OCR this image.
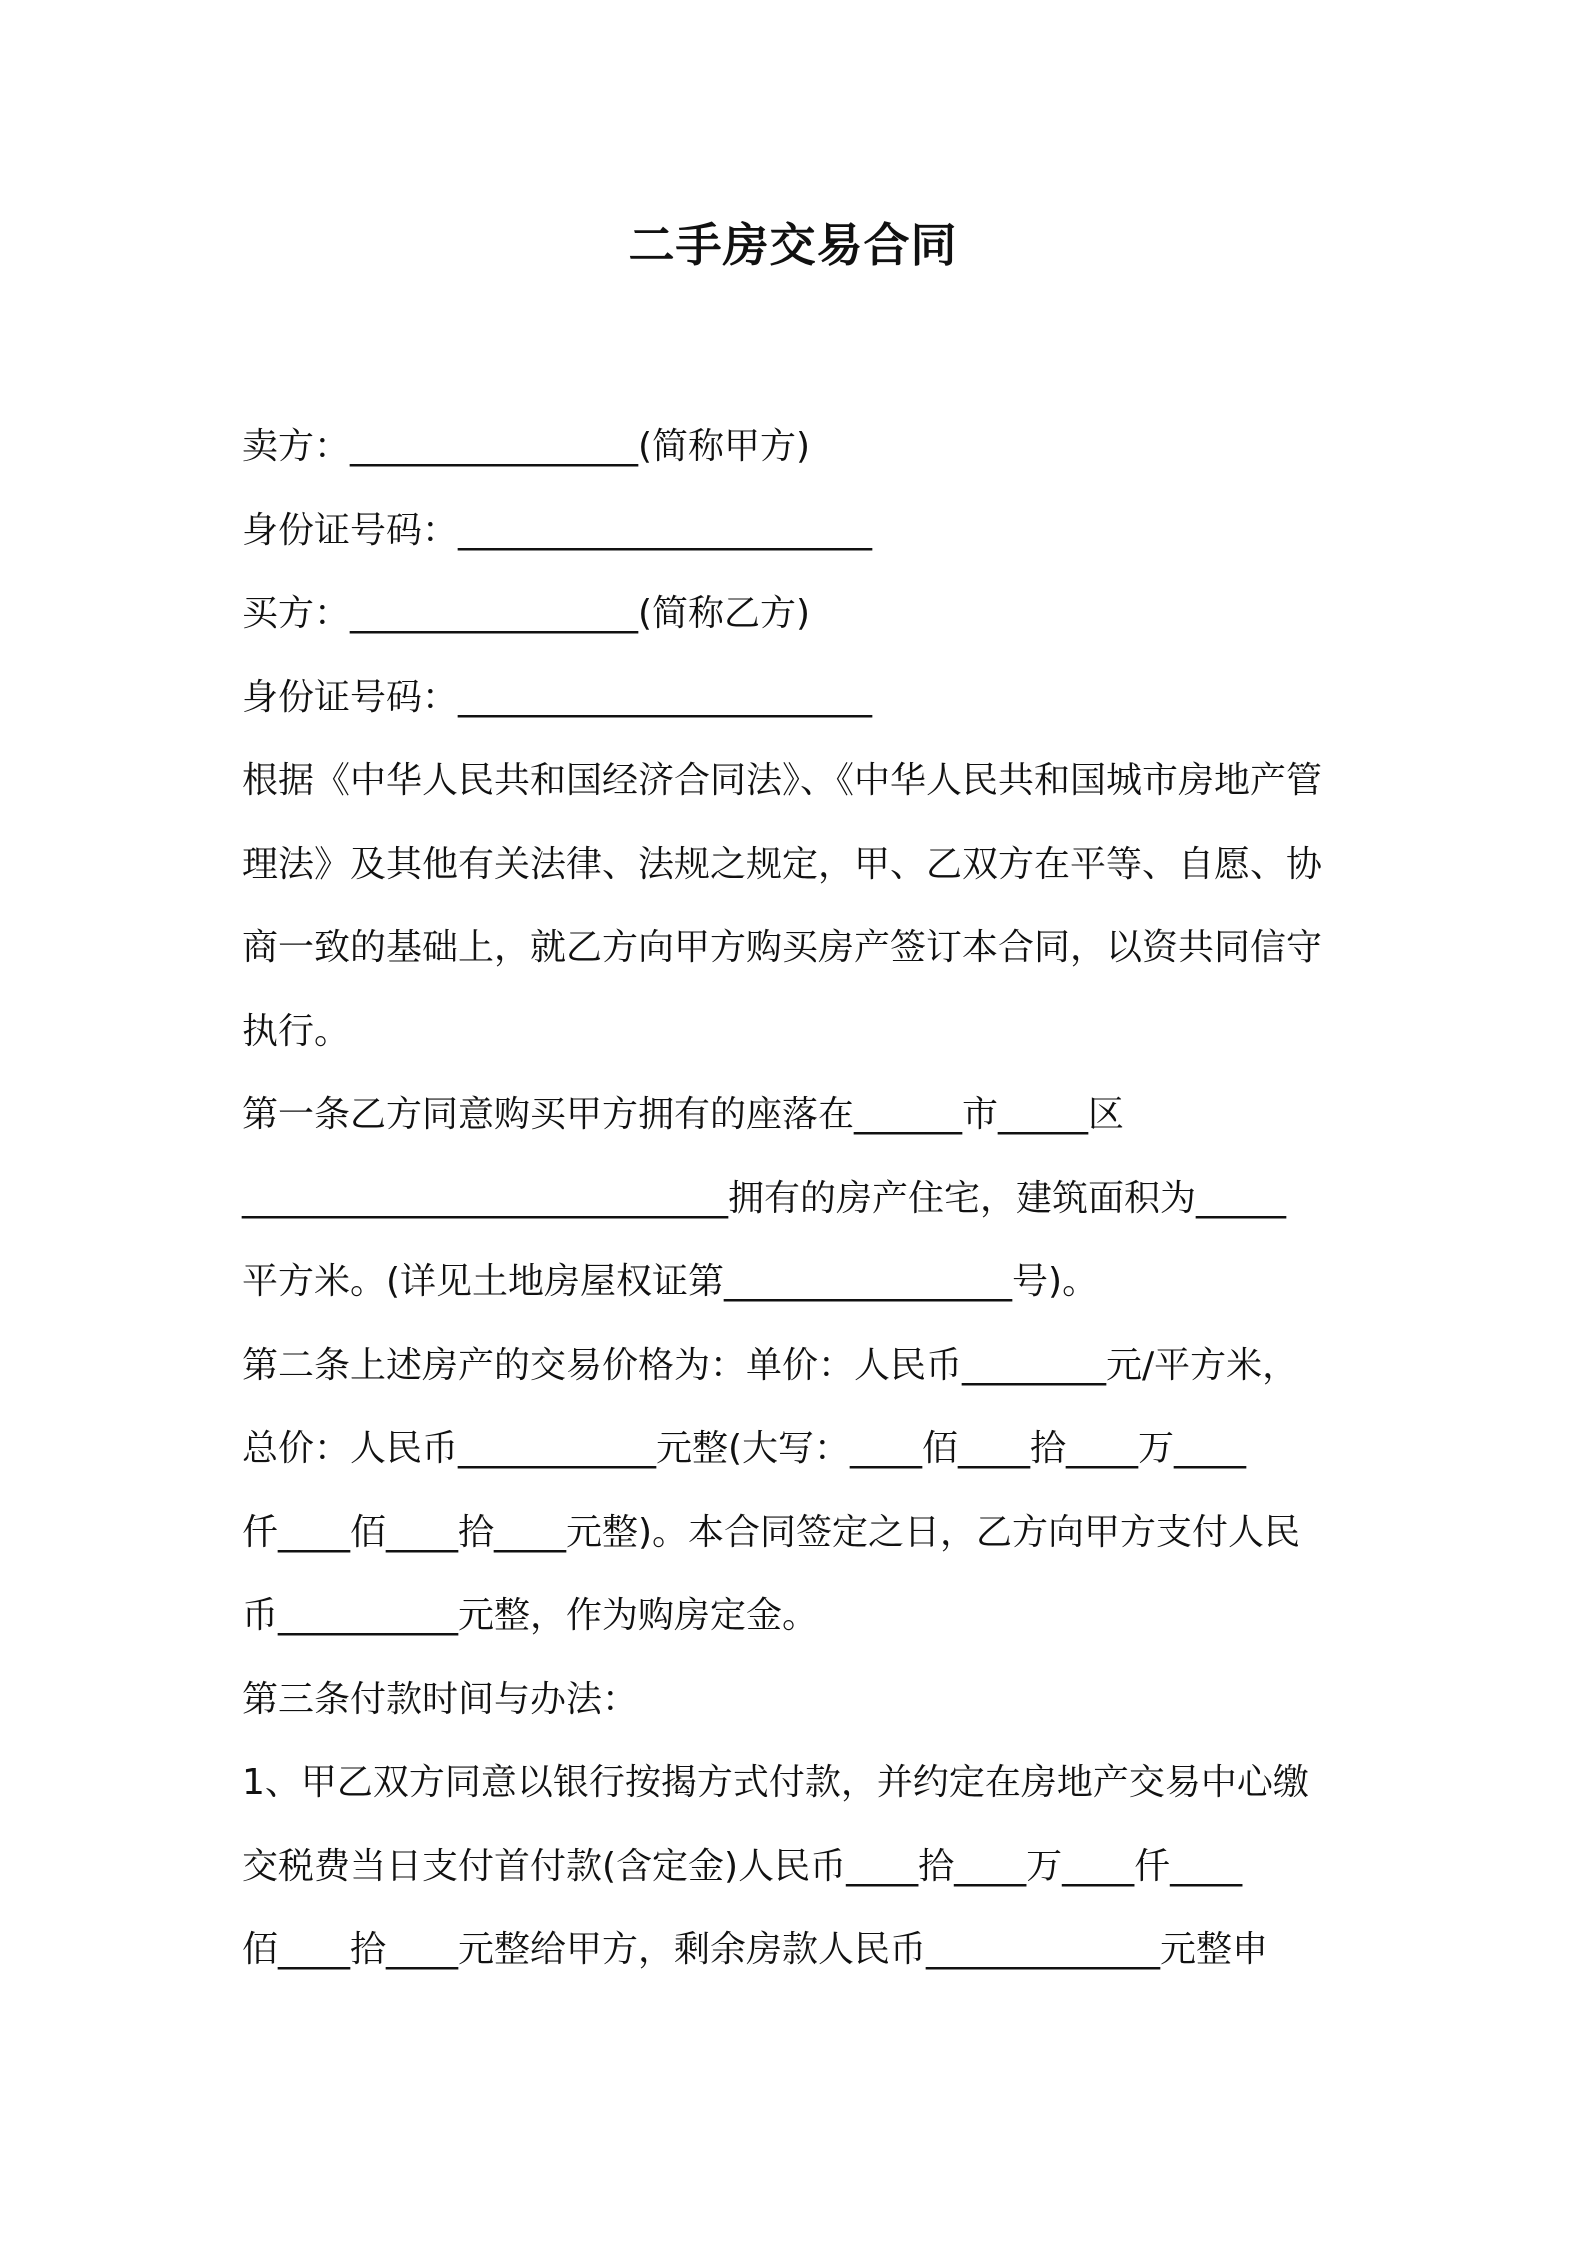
二手房交易合同
卖方：________________(简称甲方)
身份证号码：_______________________
买方：________________(简称乙方)
身份证号码：_______________________
根据《中华人民共和国经济合同法》、《中华人民共和国城市房地产管
理法》及其他有关法律、法规之规定，甲、乙双方在平等、自愿、协
商一致的基础上，就乙方向甲方购买房产签订本合同，以资共同信守
执行。
第一条乙方同意购买甲方拥有的座落在______市_____区
___________________________拥有的房产住宅，建筑面积为_____
平方米。(详见土地房屋权证第________________号)。
第二条上述房产的交易价格为：单价：人民币________元/平方米，
总价：人民币___________元整(大写：____佰____拾____万____
仟____佰____拾____元整)。本合同签定之日，乙方向甲方支付人民
币__________元整，作为购房定金。
第三条付款时间与办法：
1、甲乙双方同意以银行按揭方式付款，并约定在房地产交易中心缴
交税费当日支付首付款(含定金)人民币____拾____万____仟____
佰____拾____元整给甲方，剩余房款人民币_____________元整申
